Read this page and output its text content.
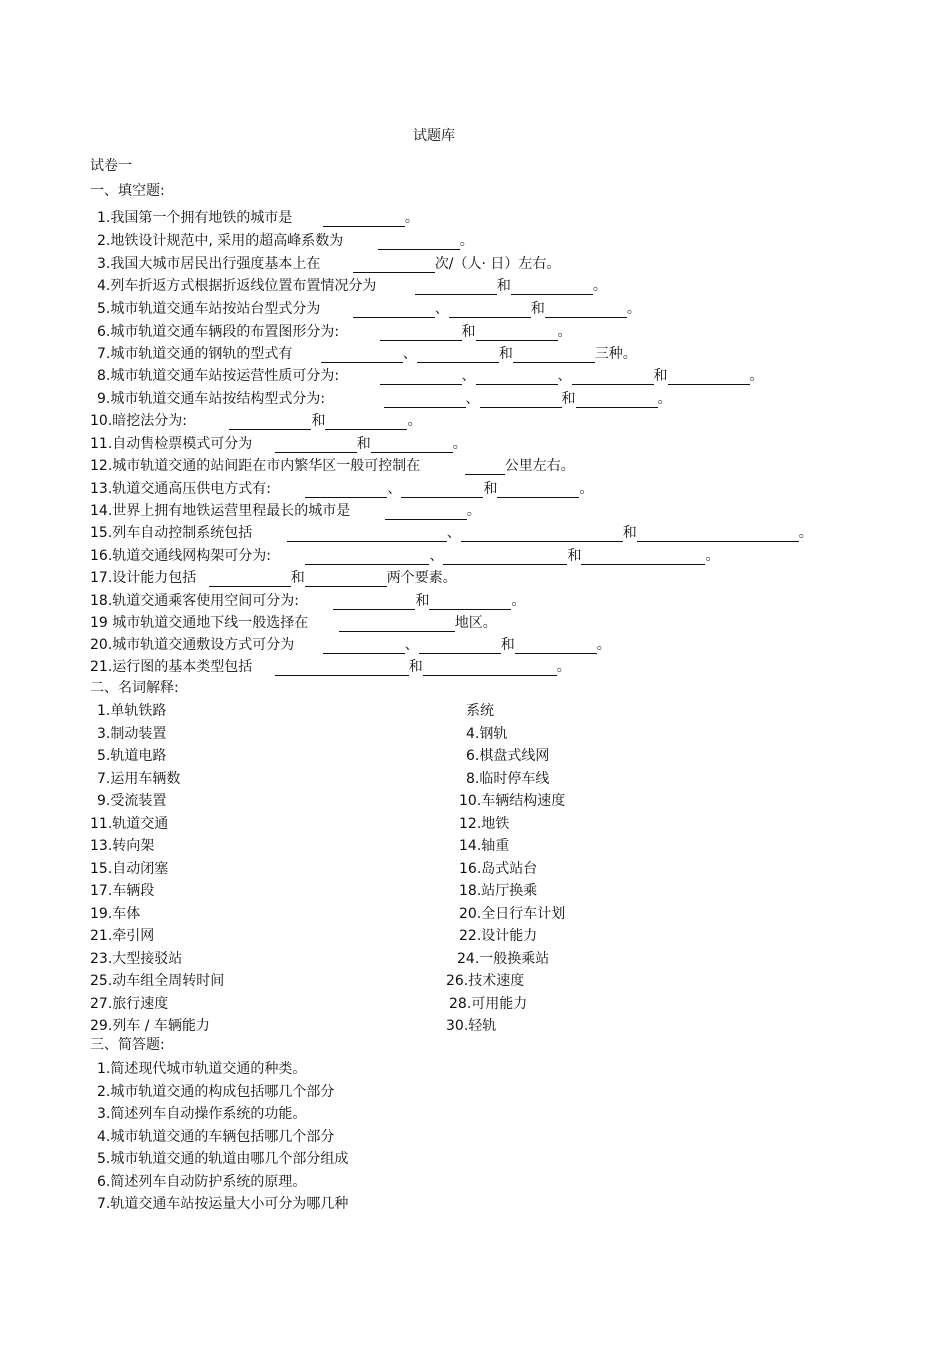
试题库
试卷一
一、填空题:
1.我国第一个拥有地铁的城市是	。
2.地铁设计规范中, 采用的超高峰系数为	。
3.我国大城市居民出行强度基本上在	次/（人· 日）左右。
4.列车折返方式根据折返线位置布置情况分为	和	。
5.城市轨道交通车站按站台型式分为	、	和	。
6.城市轨道交通车辆段的布置图形分为:	和	。
7.城市轨道交通的钢轨的型式有	、	和	三种。
8.城市轨道交通车站按运营性质可分为:	、	、	和	。
9.城市轨道交通车站按结构型式分为:	、	和	。
10.暗挖法分为:	和	。
11.自动售检票模式可分为	和	。
12.城市轨道交通的站间距在市内繁华区一般可控制在	公里左右。
13.轨道交通高压供电方式有:	、	和	。
14.世界上拥有地铁运营里程最长的城市是	。
15.列车自动控制系统包括	、	和	。
16.轨道交通线网构架可分为:	、	和	。
17.设计能力包括	和	两个要素。
18.轨道交通乘客使用空间可分为:	和	。
19 城市轨道交通地下线一般选择在	地区。
20.城市轨道交通敷设方式可分为	、	和	。
21.运行图的基本类型包括	和	。
二、名词解释:
1.单轨铁路	系统
3.制动装置	4.钢轨
5.轨道电路	6.棋盘式线网
7.运用车辆数	8.临时停车线
9.受流装置	10.车辆结构速度
11.轨道交通	12.地铁
13.转向架	14.轴重
15.自动闭塞	16.岛式站台
17.车辆段	18.站厅换乘
19.车体	20.全日行车计划
21.牵引网	22.设计能力
23.大型接驳站	24.一般换乘站
25.动车组全周转时间	26.技术速度
27.旅行速度	28.可用能力
29.列车 / 车辆能力	30.轻轨
三、简答题:
1.简述现代城市轨道交通的种类。
2.城市轨道交通的构成包括哪几个部分
3.简述列车自动操作系统的功能。
4.城市轨道交通的车辆包括哪几个部分
5.城市轨道交通的轨道由哪几个部分组成
6.简述列车自动防护系统的原理。
7.轨道交通车站按运量大小可分为哪几种
